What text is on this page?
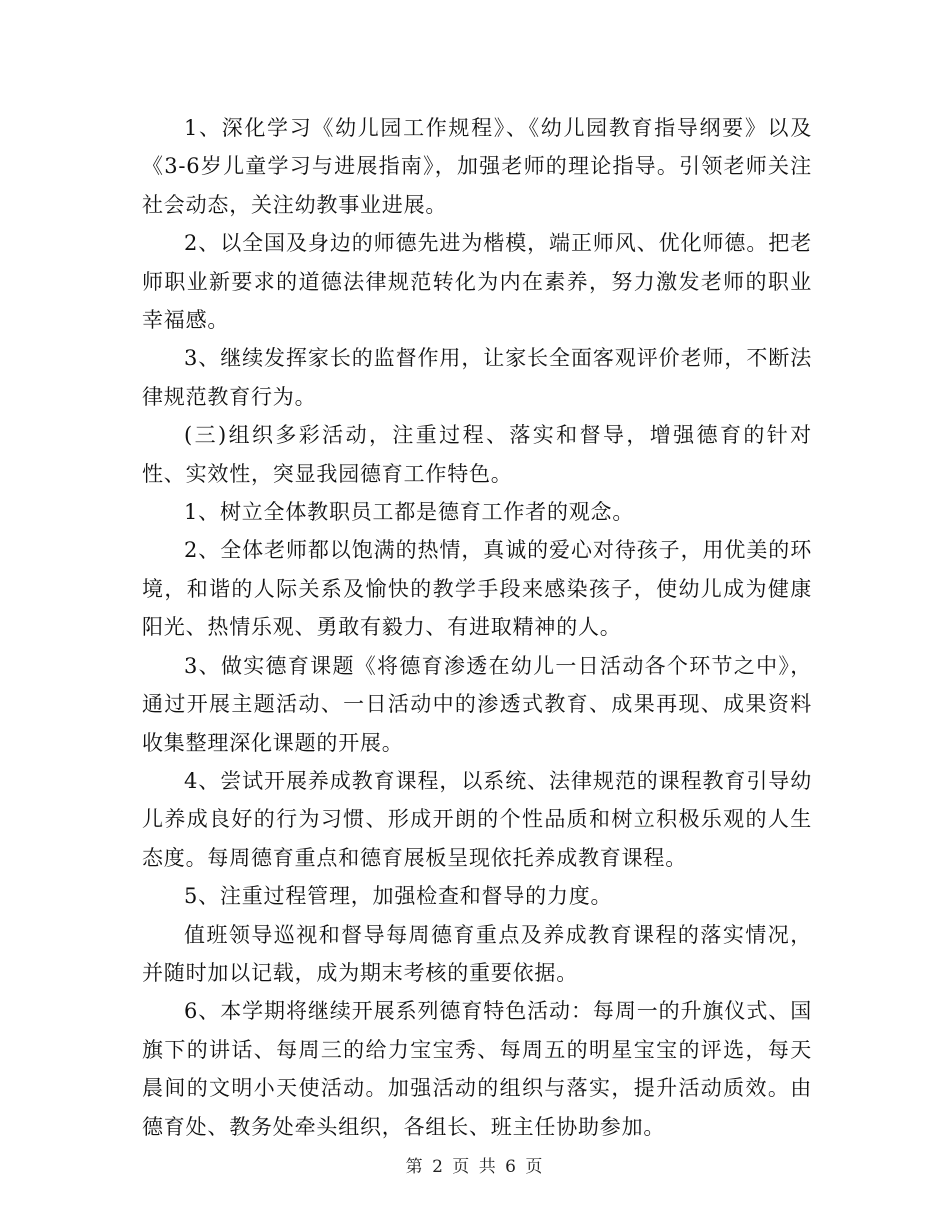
1、深化学习《幼儿园工作规程》、《幼儿园教育指导纲要》以及《3-6岁儿童学习与进展指南》，加强老师的理论指导。引领老师关注社会动态，关注幼教事业进展。

2、以全国及身边的师德先进为楷模，端正师风、优化师德。把老师职业新要求的道德法律规范转化为内在素养，努力激发老师的职业幸福感。

3、继续发挥家长的监督作用，让家长全面客观评价老师，不断法律规范教育行为。

(三)组织多彩活动，注重过程、落实和督导，增强德育的针对性、实效性，突显我园德育工作特色。

1、树立全体教职员工都是德育工作者的观念。

2、全体老师都以饱满的热情，真诚的爱心对待孩子，用优美的环境，和谐的人际关系及愉快的教学手段来感染孩子，使幼儿成为健康阳光、热情乐观、勇敢有毅力、有进取精神的人。

3、做实德育课题《将德育渗透在幼儿一日活动各个环节之中》，通过开展主题活动、一日活动中的渗透式教育、成果再现、成果资料收集整理深化课题的开展。

4、尝试开展养成教育课程，以系统、法律规范的课程教育引导幼儿养成良好的行为习惯、形成开朗的个性品质和树立积极乐观的人生态度。每周德育重点和德育展板呈现依托养成教育课程。

5、注重过程管理，加强检查和督导的力度。

值班领导巡视和督导每周德育重点及养成教育课程的落实情况，并随时加以记载，成为期末考核的重要依据。

6、本学期将继续开展系列德育特色活动：每周一的升旗仪式、国旗下的讲话、每周三的给力宝宝秀、每周五的明星宝宝的评选，每天晨间的文明小天使活动。加强活动的组织与落实，提升活动质效。由德育处、教务处牵头组织，各组长、班主任协助参加。

第 2 页 共 6 页
